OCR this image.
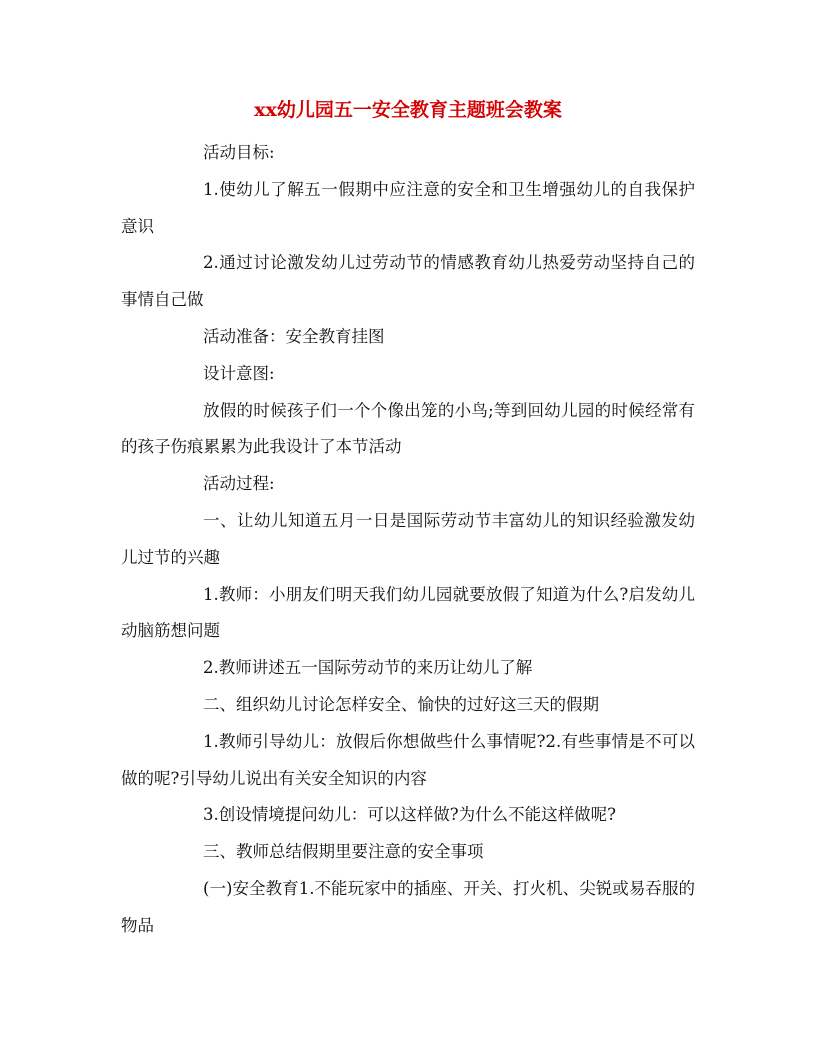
xx幼儿园五一安全教育主题班会教案

活动目标:

1.使幼儿了解五一假期中应注意的安全和卫生增强幼儿的自我保护意识

2.通过讨论激发幼儿过劳动节的情感教育幼儿热爱劳动坚持自己的事情自己做

活动准备：安全教育挂图

设计意图:

放假的时候孩子们一个个像出笼的小鸟;等到回幼儿园的时候经常有的孩子伤痕累累为此我设计了本节活动

活动过程:

一、让幼儿知道五月一日是国际劳动节丰富幼儿的知识经验激发幼儿过节的兴趣

1.教师：小朋友们明天我们幼儿园就要放假了知道为什么?启发幼儿动脑筋想问题

2.教师讲述五一国际劳动节的来历让幼儿了解

二、组织幼儿讨论怎样安全、愉快的过好这三天的假期

1.教师引导幼儿：放假后你想做些什么事情呢?2.有些事情是不可以做的呢?引导幼儿说出有关安全知识的内容

3.创设情境提问幼儿：可以这样做?为什么不能这样做呢?

三、教师总结假期里要注意的安全事项

(一)安全教育1.不能玩家中的插座、开关、打火机、尖锐或易吞服的物品
